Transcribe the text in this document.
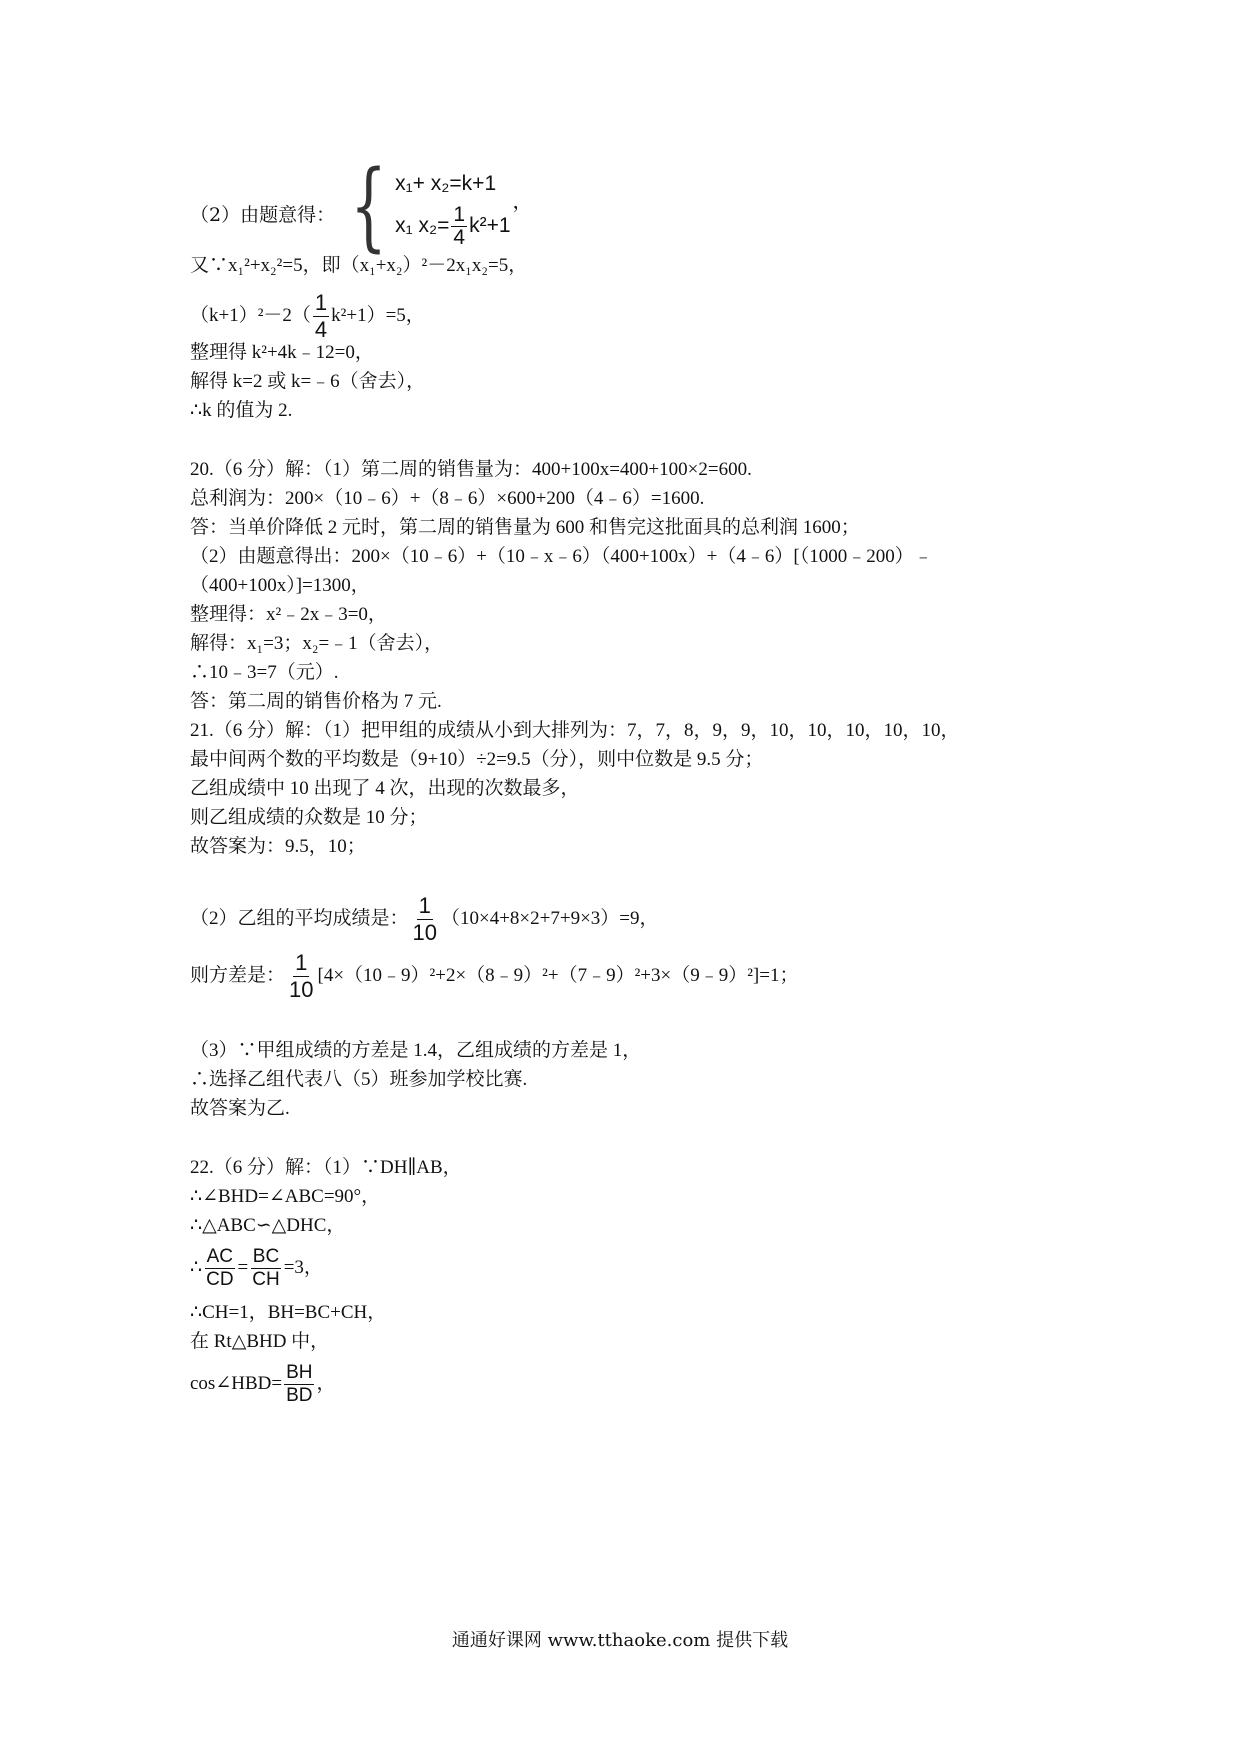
（2）由题意得： { x₁+ x₂=k+1
x₁ $x_2= \frac{1}{4} k^2+1$
，
又∵x₁²+x₂²=5，即（x₁+x₂）²－2x₁x₂=5，
$(k+1)^2-2( \frac{1}{4} k^2+1)=5$，
整理得 k²+4k﹣12=0，
解得 k=2 或 k=﹣6（舍去），
∴k 的值为 2.
20.（6 分）解：（1）第二周的销售量为：400+100x=400+100×2=600.
总利润为：200×（10﹣6）+（8﹣6）×600+200（4﹣6）=1600.
答：当单价降低 2 元时，第二周的销售量为 600 和售完这批面具的总利润 1600；
（2）由题意得出：200×（10﹣6）+（10﹣x﹣6）（400+100x）+（4﹣6）[（1000﹣200）﹣
（400+100x）]=1300，
整理得：x²﹣2x﹣3=0，
解得：x₁=3；x₂=﹣1（舍去），
∴10﹣3=7（元）.
答：第二周的销售价格为 7 元.
21.（6 分）解：（1）把甲组的成绩从小到大排列为：7，7，8，9，9，10，10，10，10，10，
最中间两个数的平均数是（9+10）÷2=9.5（分），则中位数是 9.5 分；
乙组成绩中 10 出现了 4 次，出现的次数最多，
则乙组成绩的众数是 10 分；
故答案为：9.5，10；
（2）乙组的平均成绩是： $\frac{1}{10} (10\times 4+8\times 2+7+9\times 3)=9$，
则方差是： $\frac{1}{10}$ [4×（10﹣9）²+2×（8﹣9）²+（7﹣9）²+3×（9﹣9）²]=1；
（3）∵甲组成绩的方差是 1.4，乙组成绩的方差是 1，
∴选择乙组代表八（5）班参加学校比赛.
故答案为乙.
22.（6 分）解：（1）∵DH∥AB，
∴∠BHD=∠ABC=90°，
∴△ABC∽△DHC，
∴ $\frac{AC}{CD} = \frac{BC}{CH} =3$，
∴CH=1，BH=BC+CH，
在 Rt△BHD 中，
cos∠HBD= $\frac{BH}{BD}$ ，
通通好课网 www.tthaoke.com 提供下载
